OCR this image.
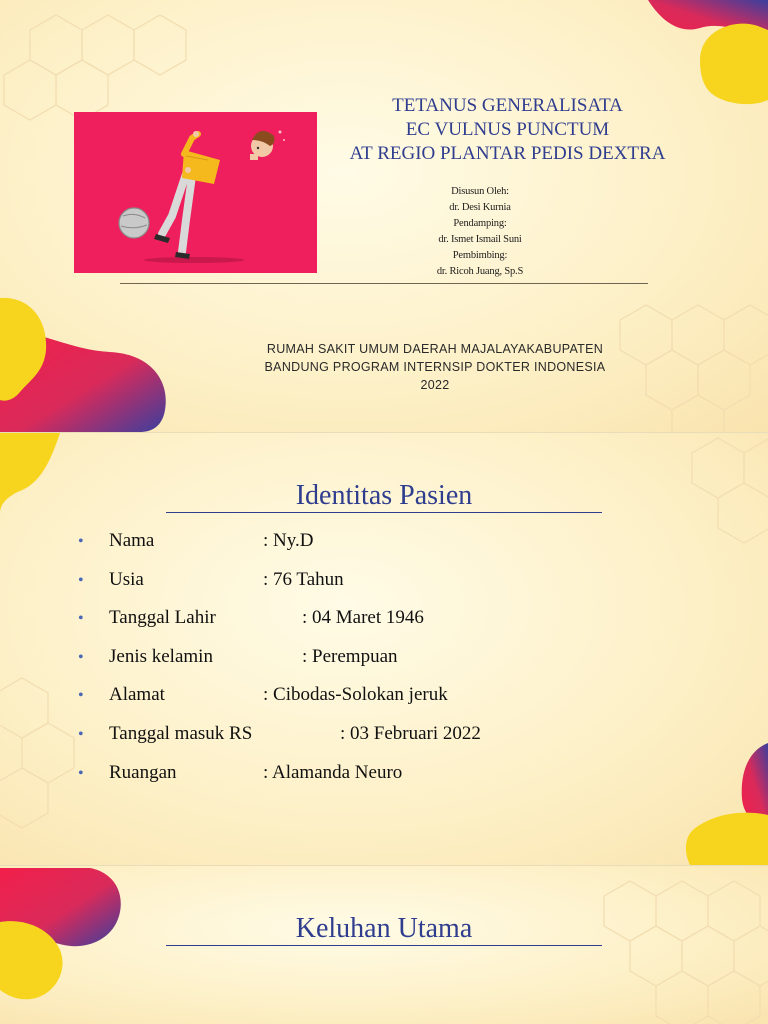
TETANUS GENERALISATA
EC VULNUS PUNCTUM
AT REGIO PLANTAR PEDIS DEXTRA
Disusun Oleh:
dr. Desi Kurnia
Pendamping:
dr. Ismet Ismail Suni
Pembimbing:
dr. Ricoh Juang, Sp.S
RUMAH SAKIT UMUM DAERAH MAJALAYAKABUPATEN
BANDUNG PROGRAM INTERNSIP DOKTER INDONESIA
2022
Identitas Pasien
• Nama	: Ny.D
• Usia	: 76 Tahun
• Tanggal Lahir	: 04 Maret 1946
• Jenis kelamin	: Perempuan
• Alamat	: Cibodas-Solokan jeruk
• Tanggal masuk RS	: 03 Februari 2022
• Ruangan	: Alamanda Neuro
Keluhan Utama
